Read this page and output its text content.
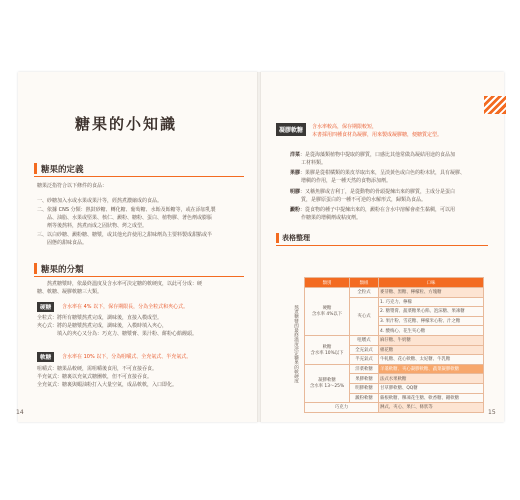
糖果的小知識
糖果的定義
糖果泛指符合以下條件的食品：
一、砂糖加入水或水果或果汁等，經熬煮濃縮成的食品。
二、依據 CNS 分類：熱鼓砂糖、轉化糖、葡萄糖、水飴及飴糖等，或在添加乳製
　　品、油脂、水果或堅果、核仁、澱粉、糖粉、蛋白、植物膠、著色劑或膨脹
　　劑等後熬料，熬煮而成之固狀物、烤之成型。
三、以白砂糖、澱粉糖、糖漿，或其他允許使用之甜味劑為主要料製成甜點或半
　　固態的甜味食品。
糖果的分類
　　熬煮糖漿時，依最終溫度及含水率可決定糖的軟硬度，以此可分成：硬
糖、軟糖、凝膠軟糖三大類。
硬糖	含水率在 4% 以下，保存期限長，分為全粒式和夾心式。
全粒式：將所有糖漿熬煮完成，調味後，直接入模成型。
夾心式：將的是糖漿熬煮完成，調味後，入模時填入夾心，
　　　　填入的夾心又分為：巧克力、糖漿膏、果汁粉、餅粉心餡饅頭。
軟糖	含水率在 10% 以下，分為咀嚼式、全充氣式、半充氣式。
咀嚼式：糖果品較硬，需咀嚼後食用，不可直接吞食。
半充氣式：糖裏以充氣式糖團軟，但不可直接吞食。
全充氣式：糖裏與蝦油粉打入大量空氣，成品軟軟，入口即化。
14
凝膠軟糖	含水率較高，保存期限較短，
本書採用四種食材為凝膠，用來製成凝膠糖，便糖質定型。
洋菜：是從海藻類植物中提取的膠質，口感比其他常做為凝結用途的食品加
工材料類。
果膠：果膠是從柑橘類的果皮萃取出來，呈淡黃色或白色的粉末狀，具有凝膠、
增稠的作用，是一種天然的食物添加劑。
明膠：又稱魚膠或吉利丁，是從動物的骨頭提煉出來的膠質，主成分是蛋白
質，是膠原蛋白的一種不可逆的水解形式，歸類為食品。
澱粉：從食物的種子中提煉出來的，澱粉在含水中溶解會產生黏稠，可以用
作糖果的增稠劑或粘度劑。
表格整理
熬煮糖漿的最終溫度決定糖果的軟硬度	類別	類組	口味
	硬糖
含水率 4%以下	全粒式	麥芽糖、黑糖、檸檬粒、方塊糖
		夾心式	1. 巧克力、檸檬
			2. 糖漿膏、蔬菜糖果心餡、泡沫糖、果凍糖
			3. 果汁粉、雪花糖、檸檬米心粉、汁之糖
			4. 酸梅心、花生夾心糖
	軟糖
含水率 10%以下	咀嚼式	麻仔糖、牛奶糖
		全充氣式	棉花糖
		半充氣式	牛軋糖、花心軟糖、太妃糖、牛乳糖
	凝膠軟糖
含水率 13～25%	洋菜軟糖	羊羹軟糖、夾心凝膠軟糖、蔬菜凝膠軟糖
		果膠軟糖	法式水果軟糖
		明膠軟糖	甘草膠軟糖、QQ糖
		澱粉軟糖	蕨根軟糖、粿凍花生糖、軟香糖、剛軟糖
	巧克力		淋式、夾心、果仁、條狀等
15
